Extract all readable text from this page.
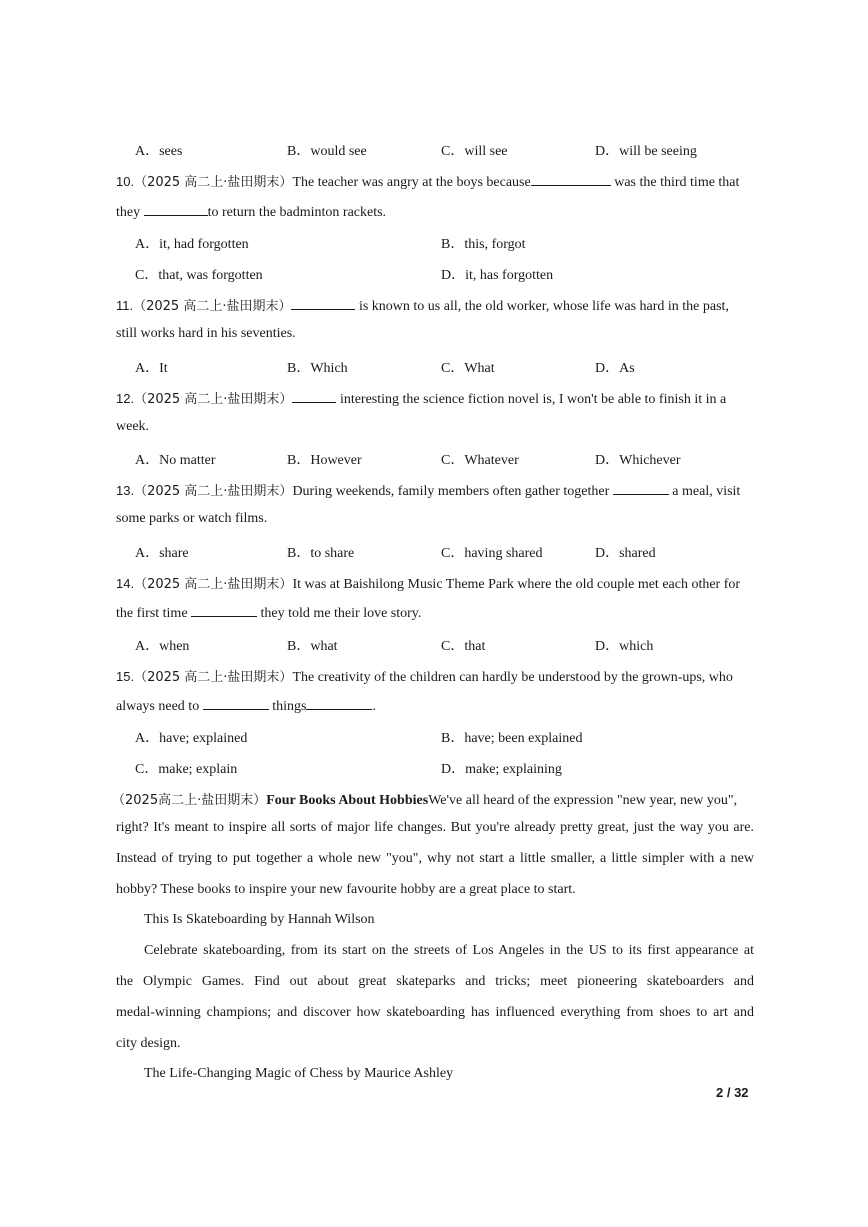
A．sees	B．would see	C．will see	D．will be seeing
10.（2025 高二上·盐田期末）The teacher was angry at the boys because	was the third time that
they	to return the badminton rackets.
A．it, had forgotten	B．this, forgot
C．that, was forgotten	D．it, has forgotten
11.（2025 高二上·盐田期末）	is known to us all, the old worker, whose life was hard in the past,
still works hard in his seventies.
A．It	B．Which	C．What	D．As
12.（2025 高二上·盐田期末）	interesting the science fiction novel is, I won't be able to finish it in a
week.
A．No matter	B．However	C．Whatever	D．Whichever
13.（2025 高二上·盐田期末）During weekends, family members often gather together	a meal, visit
some parks or watch films.
A．share	B．to share	C．having shared	D．shared
14.（2025 高二上·盐田期末）It was at Baishilong Music Theme Park where the old couple met each other for
the first time	they told me their love story.
A．when	B．what	C．that	D．which
15.（2025 高二上·盐田期末）The creativity of the children can hardly be understood by the grown-ups, who
always need to	things	.
A．have; explained	B．have; been explained
C．make; explain	D．make; explaining
（2025高二上·盐田期末）Four Books About HobbiesWe've all heard of the expression "new year, new you",
right? It's meant to inspire all sorts of major life changes. But you're already pretty great, just the way you are.
Instead of trying to put together a whole new "you", why not start a little smaller, a little simpler with a new
hobby? These books to inspire your new favourite hobby are a great place to start.
This Is Skateboarding by Hannah Wilson
Celebrate skateboarding, from its start on the streets of Los Angeles in the US to its first appearance at
the Olympic Games. Find out about great skateparks and tricks; meet pioneering skateboarders and
medal-winning champions; and discover how skateboarding has influenced everything from shoes to art and
city design.
The Life-Changing Magic of Chess by Maurice Ashley
2 / 32
